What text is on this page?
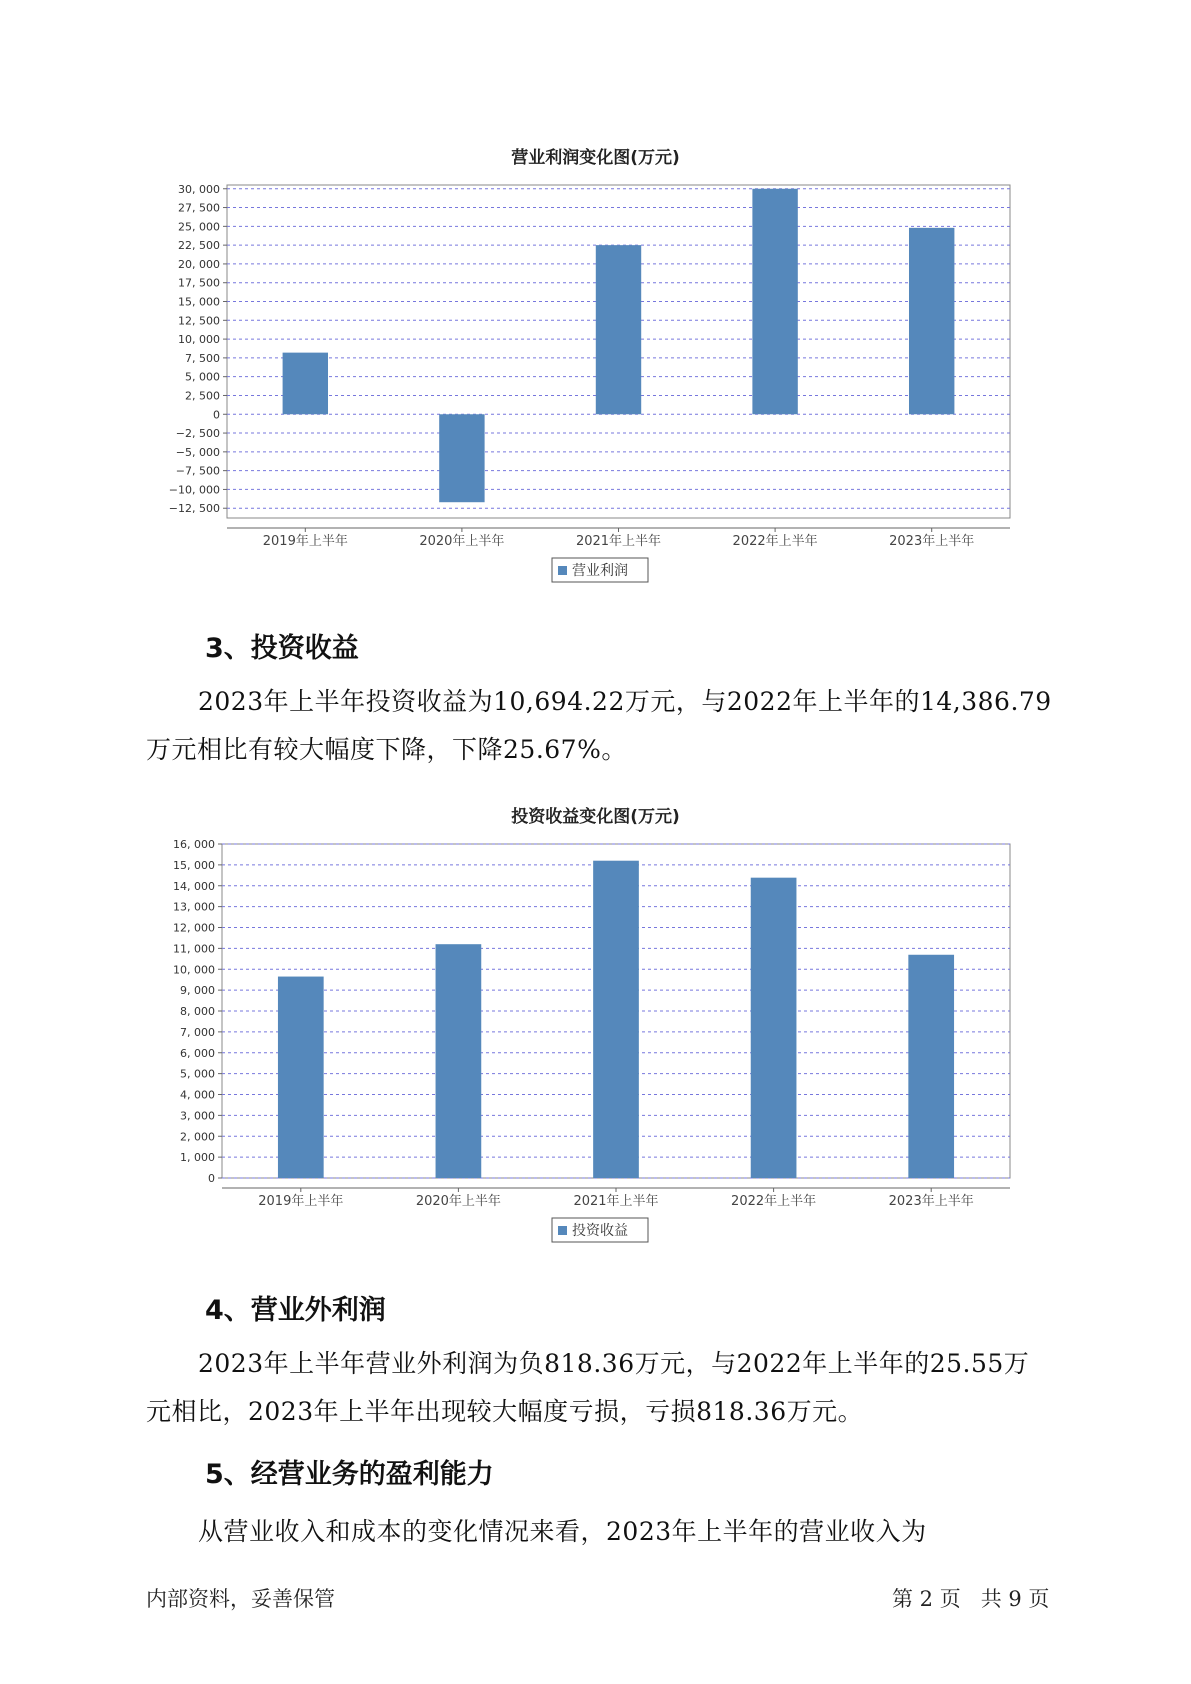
营业利润变化图(万元)
30, 000
27, 500
25, 000
22, 500
20, 000
17, 500
15, 000
12, 500
10, 000
7, 500
5, 000
2, 500
0
−2, 500
−5, 000
−7, 500
−10, 000
−12, 500
2019年上半年	2020年上半年	2021年上半年	2022年上半年	2023年上半年
营业利润
3、投资收益
2023年上半年投资收益为10,694.22万元，与2022年上半年的14,386.79
万元相比有较大幅度下降，下降25.67%。
投资收益变化图(万元)
16, 000
15, 000
14, 000
13, 000
12, 000
11, 000
10, 000
9, 000
8, 000
7, 000
6, 000
5, 000
4, 000
3, 000
2, 000
1, 000
0
2019年上半年	2020年上半年	2021年上半年	2022年上半年	2023年上半年
投资收益
4、营业外利润
2023年上半年营业外利润为负818.36万元，与2022年上半年的25.55万
元相比，2023年上半年出现较大幅度亏损，亏损818.36万元。
5、经营业务的盈利能力
从营业收入和成本的变化情况来看，2023年上半年的营业收入为
内部资料，妥善保管	第 2 页 共 9 页
